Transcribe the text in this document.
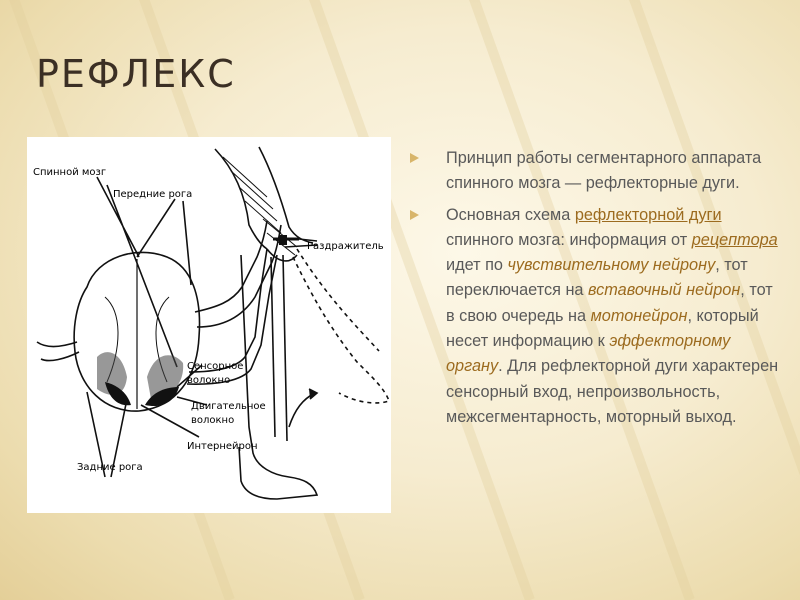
РЕФЛЕКС
Спинной мозг
Передние рога
Раздражитель
Сенсорное
волокно
Двигательное
волокно
Интернейрон
Задние рога
Принцип работы сегментарного аппарата спинного мозга — рефлекторные дуги.
Основная схема рефлекторной дуги спинного мозга: информация от рецептора идет по чувствительному нейрону, тот переключается на вставочный нейрон, тот в свою очередь на мотонейрон, который несет информацию к эффекторному органу. Для рефлекторной дуги характерен сенсорный вход, непроизвольность, межсегментарность, моторный выход.
